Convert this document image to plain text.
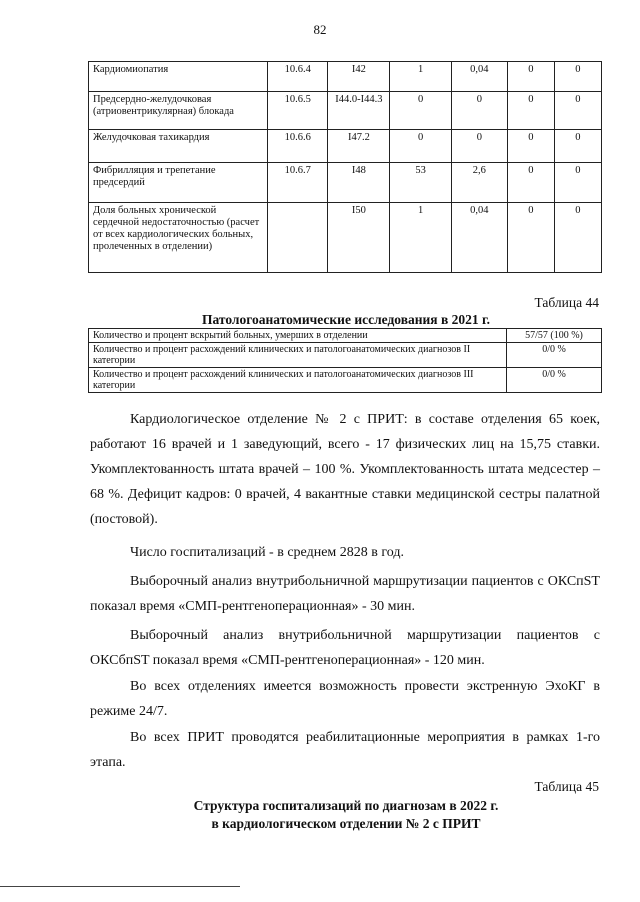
82
Кардиомиопатия	10.6.4	I42	1	0,04	0	0
Предсердно-желудочковая (атриовентрикулярная) блокада	10.6.5	I44.0-I44.3	0	0	0	0
Желудочковая тахикардия	10.6.6	I47.2	0	0	0	0
Фибрилляция и трепетание предсердий	10.6.7	I48	53	2,6	0	0
Доля больных хронической сердечной недостаточностью (расчет от всех кардиологических больных, пролеченных в отделении)		I50	1	0,04	0	0
Таблица 44
Патологоанатомические исследования в 2021 г.
Количество и процент вскрытий больных, умерших в отделении	57/57 (100 %)
Количество и процент расхождений клинических и патологоанатомических диагнозов II категории	0/0 %
Количество и процент расхождений клинических и патологоанатомических диагнозов III категории	0/0 %

Кардиологическое отделение № 2 с ПРИТ: в составе отделения 65 коек, работают 16 врачей и 1 заведующий, всего - 17 физических лиц на 15,75 ставки. Укомплектованность штата врачей – 100 %. Укомплектованность штата медсестер – 68 %. Дефицит кадров: 0 врачей, 4 вакантные ставки медицинской сестры палатной (постовой).

Число госпитализаций - в среднем 2828 в год.

Выборочный анализ внутрибольничной маршрутизации пациентов с ОКСпST показал время «СМП-рентгеноперационная» - 30 мин.

Выборочный анализ внутрибольничной маршрутизации пациентов с ОКСбпST показал время «СМП-рентгеноперационная» - 120 мин.

Во всех отделениях имеется возможность провести экстренную ЭхоКГ в режиме 24/7.

Во всех ПРИТ проводятся реабилитационные мероприятия в рамках 1-го этапа.

Таблица 45
Структура госпитализаций по диагнозам в 2022 г.
в кардиологическом отделении № 2 с ПРИТ
